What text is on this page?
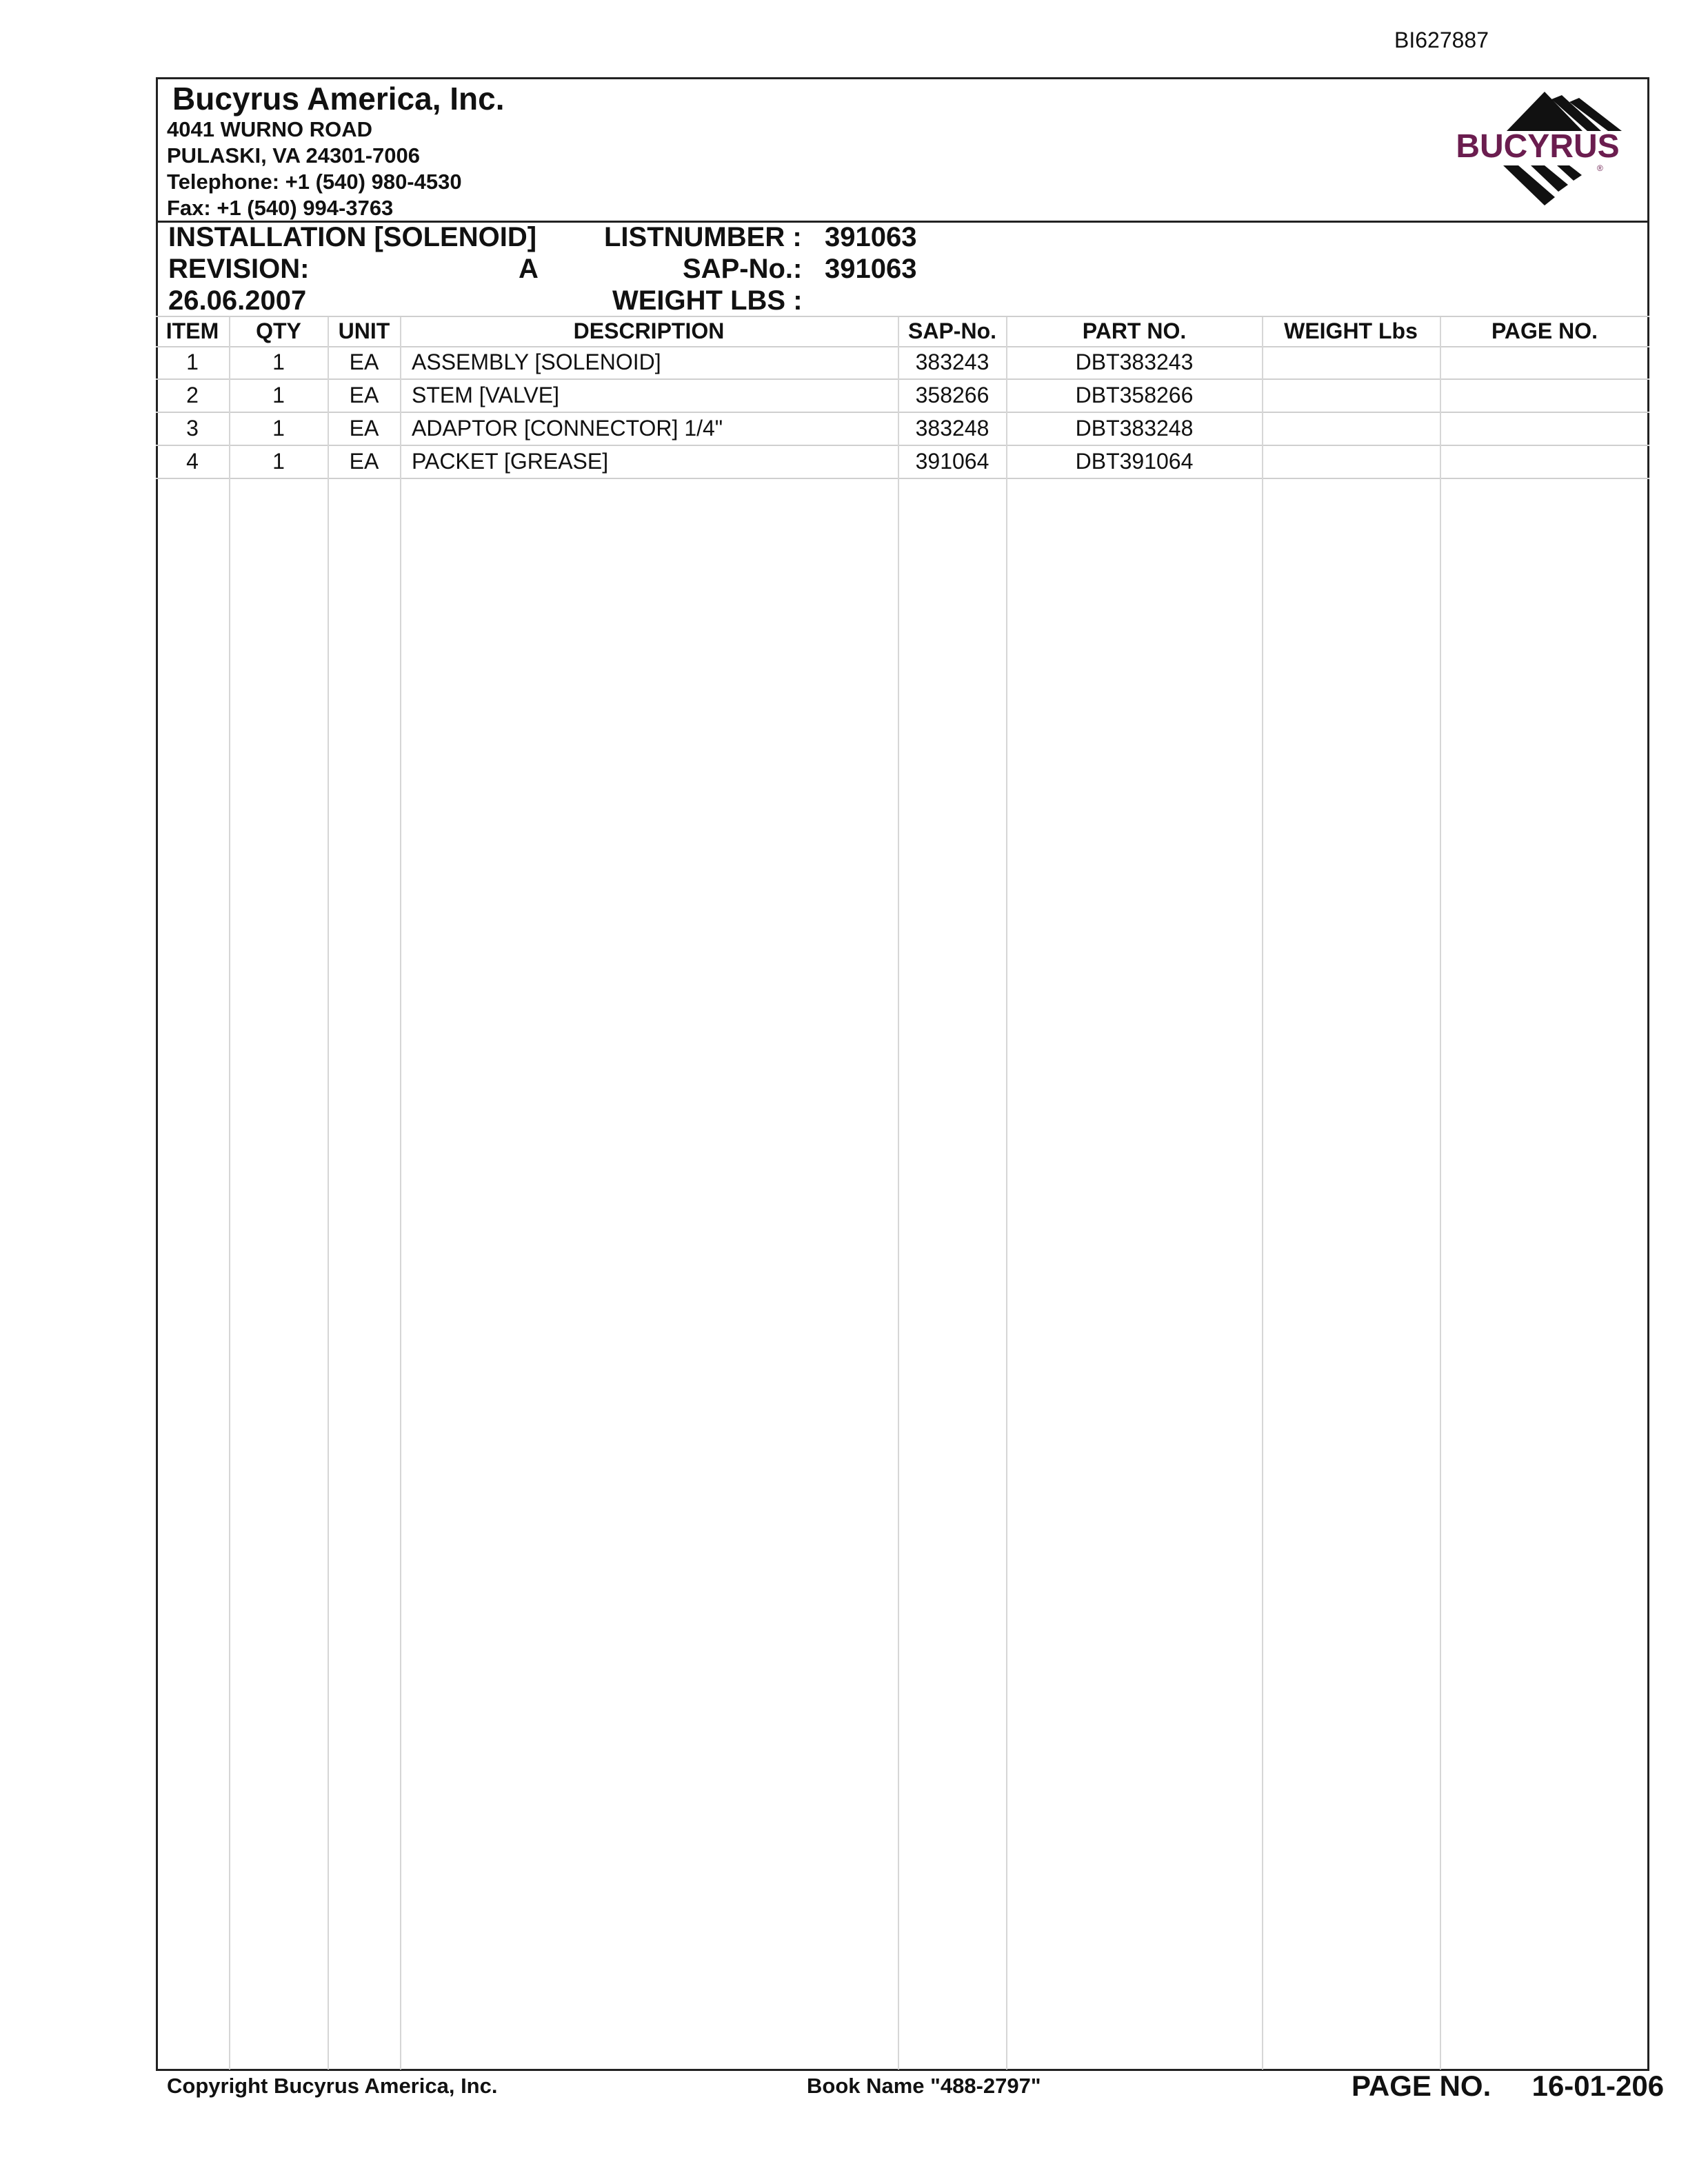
BI627887
Bucyrus America, Inc.
4041 WURNO ROAD
PULASKI, VA 24301-7006
Telephone: +1 (540) 980-4530
Fax: +1 (540) 994-3763
BUCYRUS
®
INSTALLATION [SOLENOID] LISTNUMBER : 391063
REVISION:	A	SAP-No.: 391063
26.06.2007	WEIGHT LBS :
ITEM QTY UNIT	DESCRIPTION	SAP-No.	PART NO.	WEIGHT Lbs	PAGE NO.
1	1	EA ASSEMBLY [SOLENOID]	383243	DBT383243
2	1	EA STEM [VALVE]	358266	DBT358266
3	1	EA ADAPTOR [CONNECTOR] 1/4"	383248	DBT383248
4	1	EA PACKET [GREASE]	391064	DBT391064
Copyright Bucyrus America, Inc.	Book Name "488-2797"	PAGE NO. 16-01-206
